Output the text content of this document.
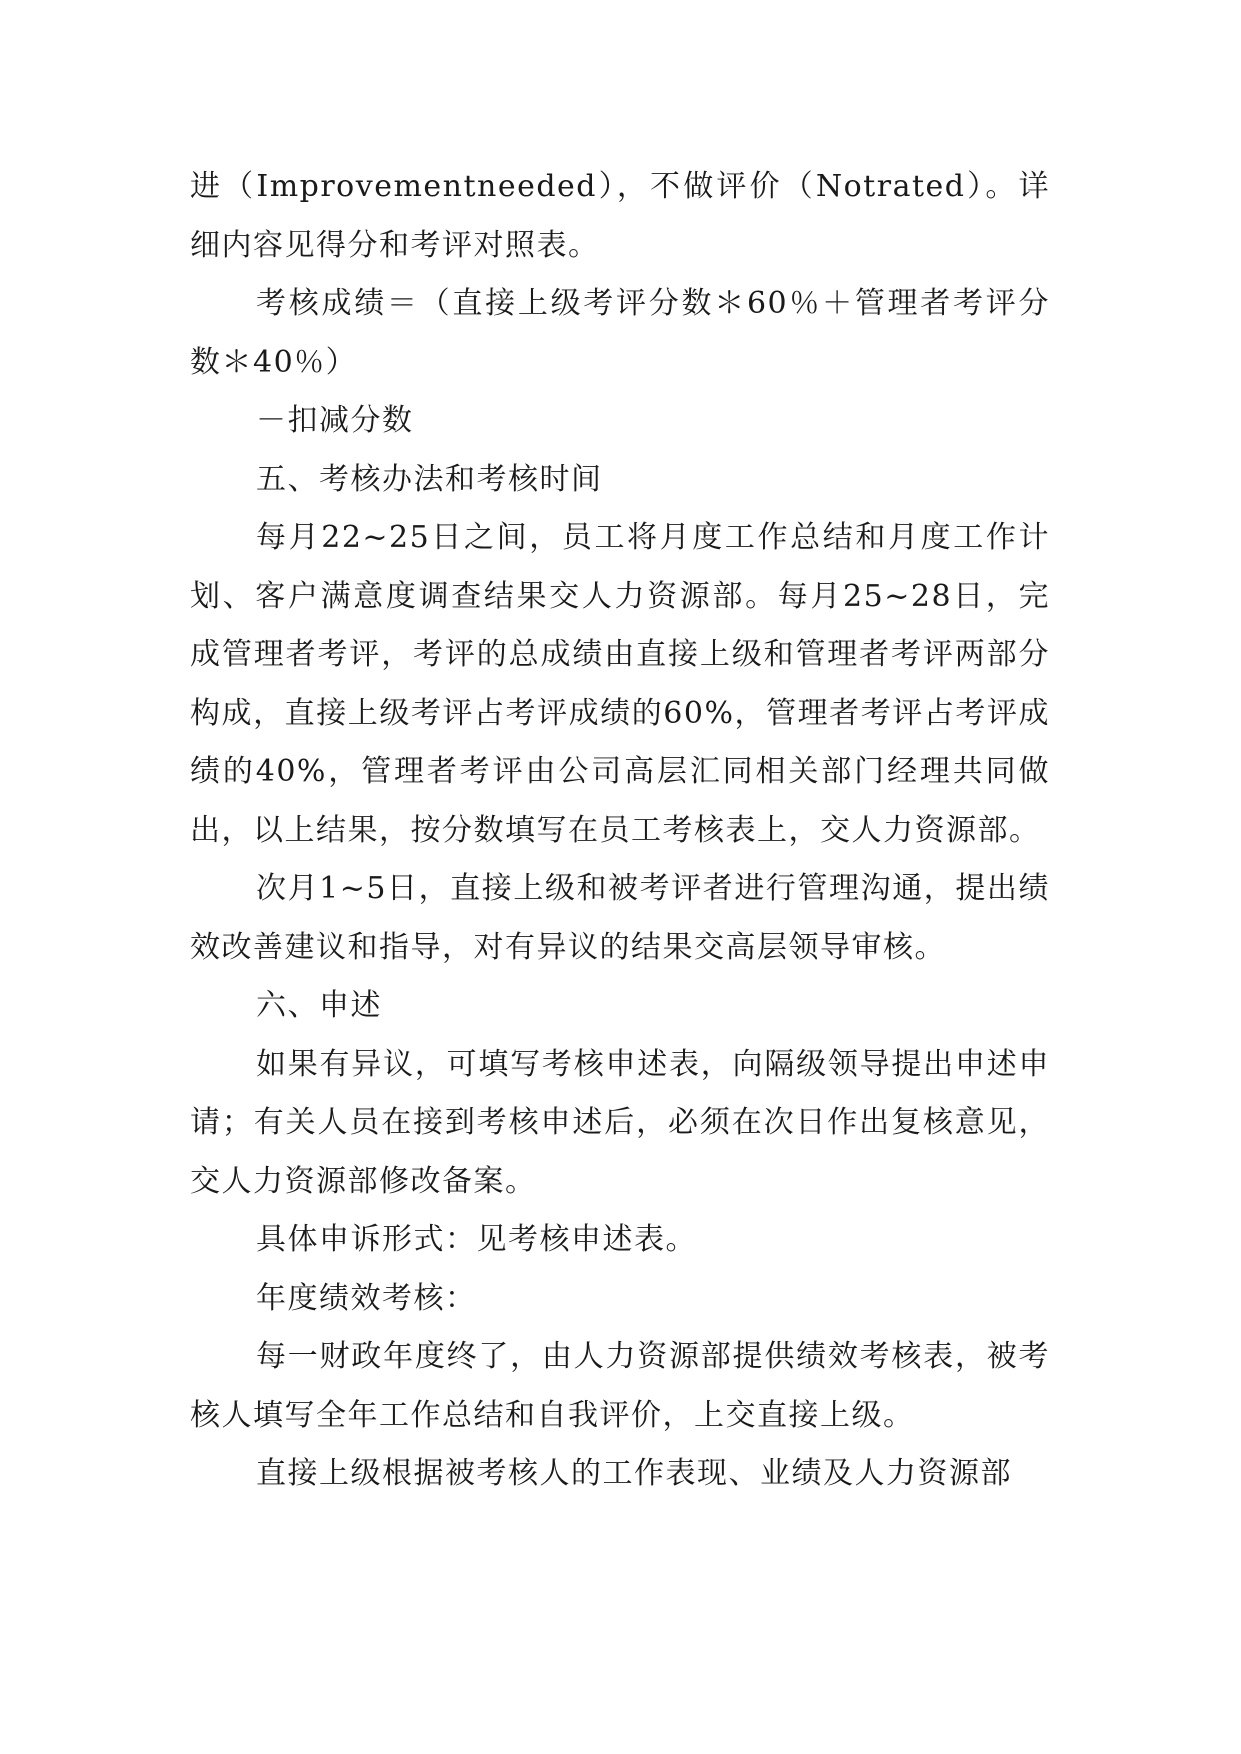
进（Improvementneeded），不做评价（Notrated）。详细内容见得分和考评对照表。

考核成绩＝（直接上级考评分数＊60％＋管理者考评分数＊40％）

－扣减分数

五、考核办法和考核时间

每月22~25日之间，员工将月度工作总结和月度工作计划、客户满意度调查结果交人力资源部。每月25~28日，完成管理者考评，考评的总成绩由直接上级和管理者考评两部分构成，直接上级考评占考评成绩的60%，管理者考评占考评成绩的40%，管理者考评由公司高层汇同相关部门经理共同做出，以上结果，按分数填写在员工考核表上，交人力资源部。

次月1~5日，直接上级和被考评者进行管理沟通，提出绩效改善建议和指导，对有异议的结果交高层领导审核。

六、申述

如果有异议，可填写考核申述表，向隔级领导提出申述申请；有关人员在接到考核申述后，必须在次日作出复核意见，交人力资源部修改备案。

具体申诉形式：见考核申述表。

年度绩效考核：

每一财政年度终了，由人力资源部提供绩效考核表，被考核人填写全年工作总结和自我评价，上交直接上级。

直接上级根据被考核人的工作表现、业绩及人力资源部
